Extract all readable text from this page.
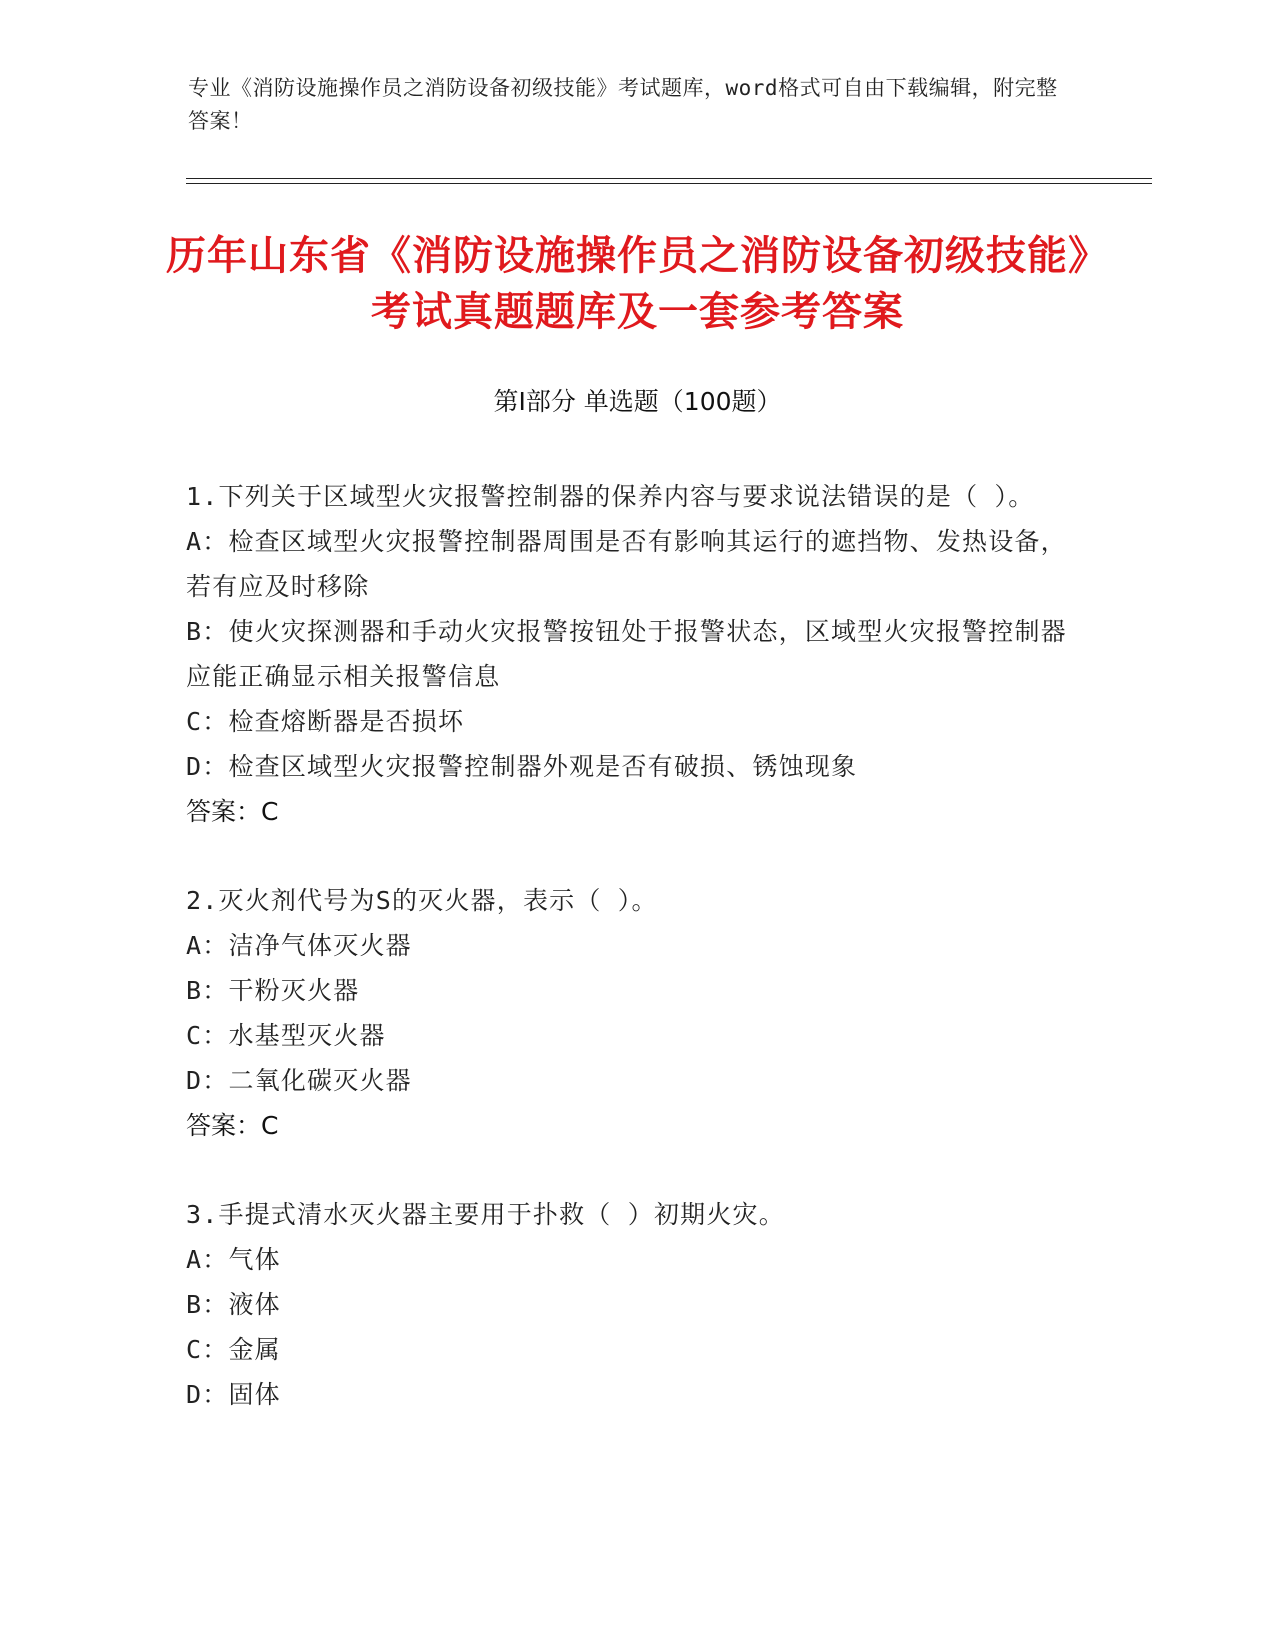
专业《消防设施操作员之消防设备初级技能》考试题库，word格式可自由下载编辑，附完整答案！
历年山东省《消防设施操作员之消防设备初级技能》考试真题题库及一套参考答案
第Ⅰ部分 单选题（100题）
1.下列关于区域型火灾报警控制器的保养内容与要求说法错误的是（ ）。
A：检查区域型火灾报警控制器周围是否有影响其运行的遮挡物、发热设备，若有应及时移除
B：使火灾探测器和手动火灾报警按钮处于报警状态，区域型火灾报警控制器应能正确显示相关报警信息
C：检查熔断器是否损坏
D：检查区域型火灾报警控制器外观是否有破损、锈蚀现象
答案：C
2.灭火剂代号为S的灭火器，表示（ ）。
A：洁净气体灭火器
B：干粉灭火器
C：水基型灭火器
D：二氧化碳灭火器
答案：C
3.手提式清水灭火器主要用于扑救（ ）初期火灾。
A：气体
B：液体
C：金属
D：固体
